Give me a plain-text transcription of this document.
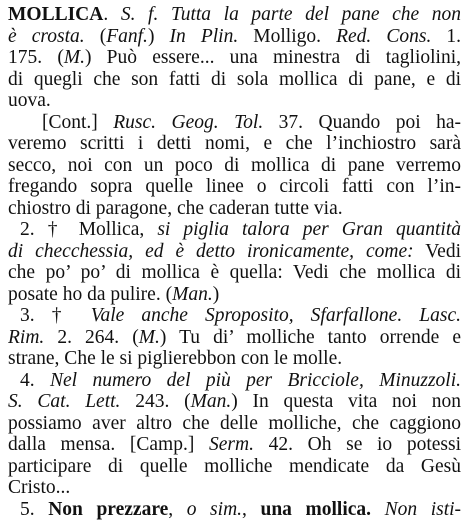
MOLLICA. S. f. Tutta la parte del pane che non
è crosta. (Fanf.) In Plin. Molligo. Red. Cons. 1.
175. (M.) Può essere... una minestra di tagliolini,
di quegli che son fatti di sola mollica di pane, e di
uova.
[Cont.] Rusc. Geog. Tol. 37. Quando poi ha-
veremo scritti i detti nomi, e che l’inchiostro sarà
secco, noi con un poco di mollica di pane verremo
fregando sopra quelle linee o circoli fatti con l’in-
chiostro di paragone, che caderan tutte via.
2. † Mollica, si piglia talora per Gran quantità
di checchessia, ed è detto ironicamente, come: Vedi
che po’ po’ di mollica è quella: Vedi che mollica di
posate ho da pulire. (Man.)
3. † Vale anche Sproposito, Sfarfallone. Lasc.
Rim. 2. 264. (M.) Tu di’ molliche tanto orrende e
strane, Che le si piglierebbon con le molle.
4. Nel numero del più per Bricciole, Minuzzoli.
S. Cat. Lett. 243. (Man.) In questa vita noi non
possiamo aver altro che delle molliche, che caggiono
dalla mensa. [Camp.] Serm. 42. Oh se io potessi
participare di quelle molliche mendicate da Gesù
Cristo...
5. Non prezzare, o sim., una mollica. Non isti-
